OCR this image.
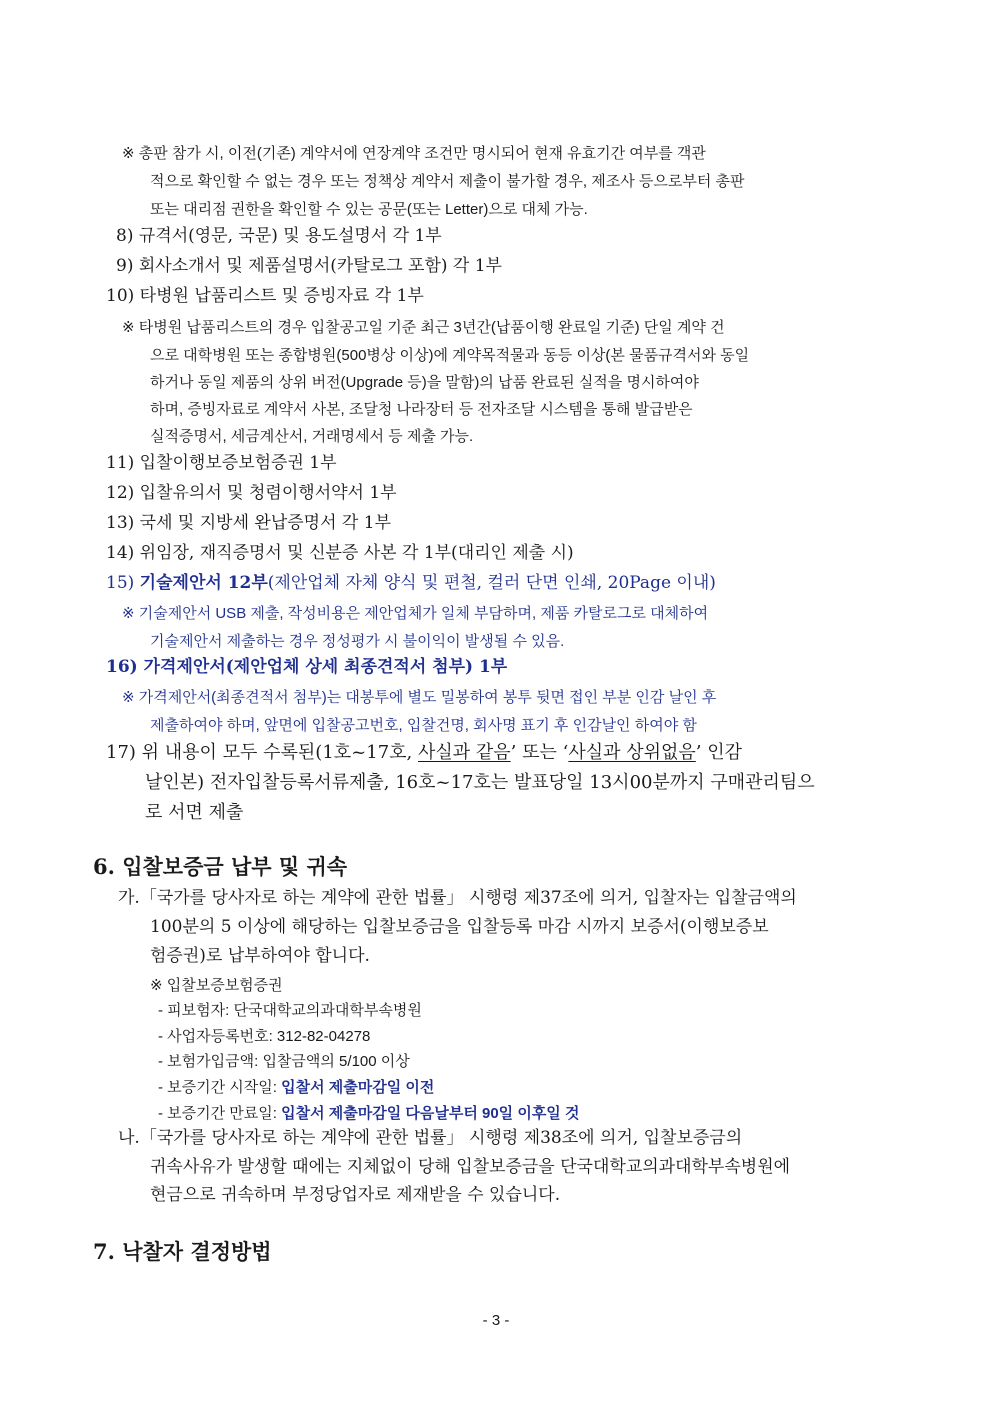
※ 총판 참가 시, 이전(기존) 계약서에 연장계약 조건만 명시되어 현재 유효기간 여부를 객관
적으로 확인할 수 없는 경우 또는 정책상 계약서 제출이 불가할 경우, 제조사 등으로부터 총판
또는 대리점 권한을 확인할 수 있는 공문(또는 Letter)으로 대체 가능.
8) 규격서(영문, 국문) 및 용도설명서 각 1부
9) 회사소개서 및 제품설명서(카탈로그 포함) 각 1부
10) 타병원 납품리스트 및 증빙자료 각 1부
※ 타병원 납품리스트의 경우 입찰공고일 기준 최근 3년간(납품이행 완료일 기준) 단일 계약 건
으로 대학병원 또는 종합병원(500병상 이상)에 계약목적물과 동등 이상(본 물품규격서와 동일
하거나 동일 제품의 상위 버전(Upgrade 등)을 말함)의 납품 완료된 실적을 명시하여야
하며, 증빙자료로 계약서 사본, 조달청 나라장터 등 전자조달 시스템을 통해 발급받은
실적증명서, 세금계산서, 거래명세서 등 제출 가능.
11) 입찰이행보증보험증권 1부
12) 입찰유의서 및 청렴이행서약서 1부
13) 국세 및 지방세 완납증명서 각 1부
14) 위임장, 재직증명서 및 신분증 사본 각 1부(대리인 제출 시)
15) 기술제안서 12부(제안업체 자체 양식 및 편철, 컬러 단면 인쇄, 20Page 이내)
※ 기술제안서 USB 제출, 작성비용은 제안업체가 일체 부담하며, 제품 카탈로그로 대체하여
기술제안서 제출하는 경우 정성평가 시 불이익이 발생될 수 있음.
16) 가격제안서(제안업체 상세 최종견적서 첨부) 1부
※ 가격제안서(최종견적서 첨부)는 대봉투에 별도 밀봉하여 봉투 뒷면 접인 부분 인감 날인 후
제출하여야 하며, 앞면에 입찰공고번호, 입찰건명, 회사명 표기 후 인감날인 하여야 함
17) 위 내용이 모두 수록된(1호~17호, 사실과 같음’ 또는 ‘사실과 상위없음’ 인감
날인본) 전자입찰등록서류제출, 16호~17호는 발표당일 13시00분까지 구매관리팀으
로 서면 제출
6. 입찰보증금 납부 및 귀속
가.「국가를 당사자로 하는 계약에 관한 법률」 시행령 제37조에 의거, 입찰자는 입찰금액의
100분의 5 이상에 해당하는 입찰보증금을 입찰등록 마감 시까지 보증서(이행보증보
험증권)로 납부하여야 합니다.
※ 입찰보증보험증권
- 피보험자: 단국대학교의과대학부속병원
- 사업자등록번호: 312-82-04278
- 보험가입금액: 입찰금액의 5/100 이상
- 보증기간 시작일: 입찰서 제출마감일 이전
- 보증기간 만료일: 입찰서 제출마감일 다음날부터 90일 이후일 것
나.「국가를 당사자로 하는 계약에 관한 법률」 시행령 제38조에 의거, 입찰보증금의
귀속사유가 발생할 때에는 지체없이 당해 입찰보증금을 단국대학교의과대학부속병원에
현금으로 귀속하며 부정당업자로 제재받을 수 있습니다.
7. 낙찰자 결정방법
- 3 -
